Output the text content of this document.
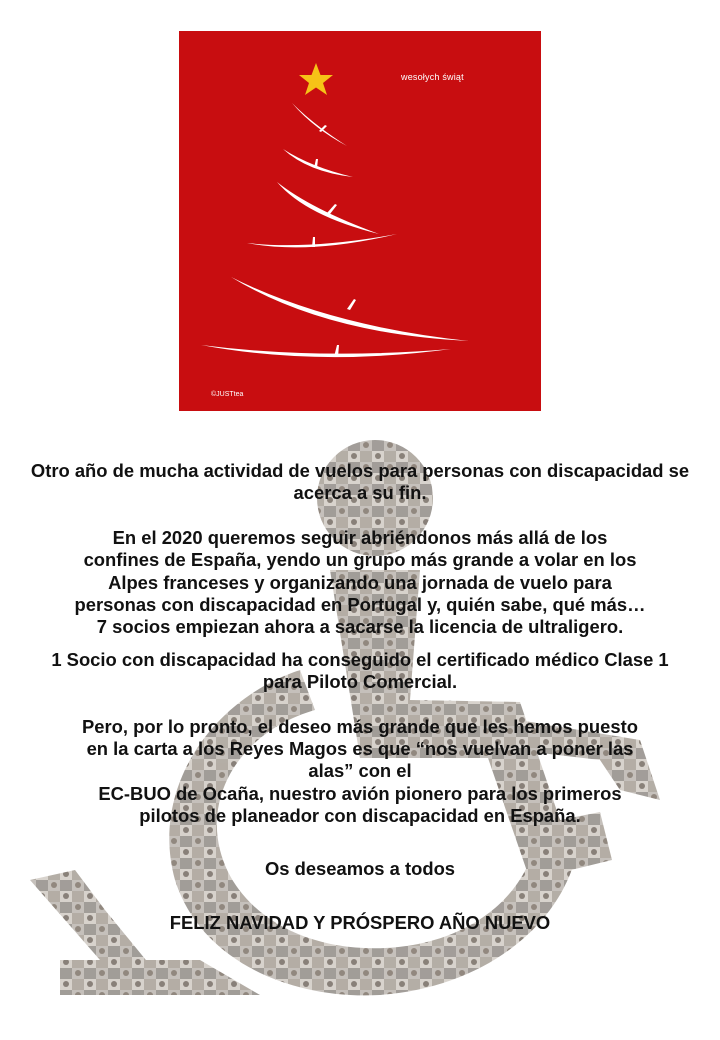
wesołych świąt
©JUSTtea

Otro año de mucha actividad de vuelos para personas con discapacidad se acerca a su fin.

En el 2020 queremos seguir abriéndonos más allá de los
confines de España, yendo un grupo más grande a volar en los
Alpes franceses y organizando una jornada de vuelo para
personas con discapacidad en Portugal y, quién sabe, qué más…
7 socios empiezan ahora a sacarse la licencia de ultraligero.

1 Socio con discapacidad ha conseguido el certificado médico Clase 1 para Piloto Comercial.

Pero, por lo pronto, el deseo más grande que les hemos puesto
en la carta a los Reyes Magos es que “nos vuelvan a poner las
alas” con el
EC-BUO de Ocaña, nuestro avión pionero para los primeros
pilotos de planeador con discapacidad en España.

Os deseamos a todos

FELIZ NAVIDAD Y PRÓSPERO AÑO NUEVO
